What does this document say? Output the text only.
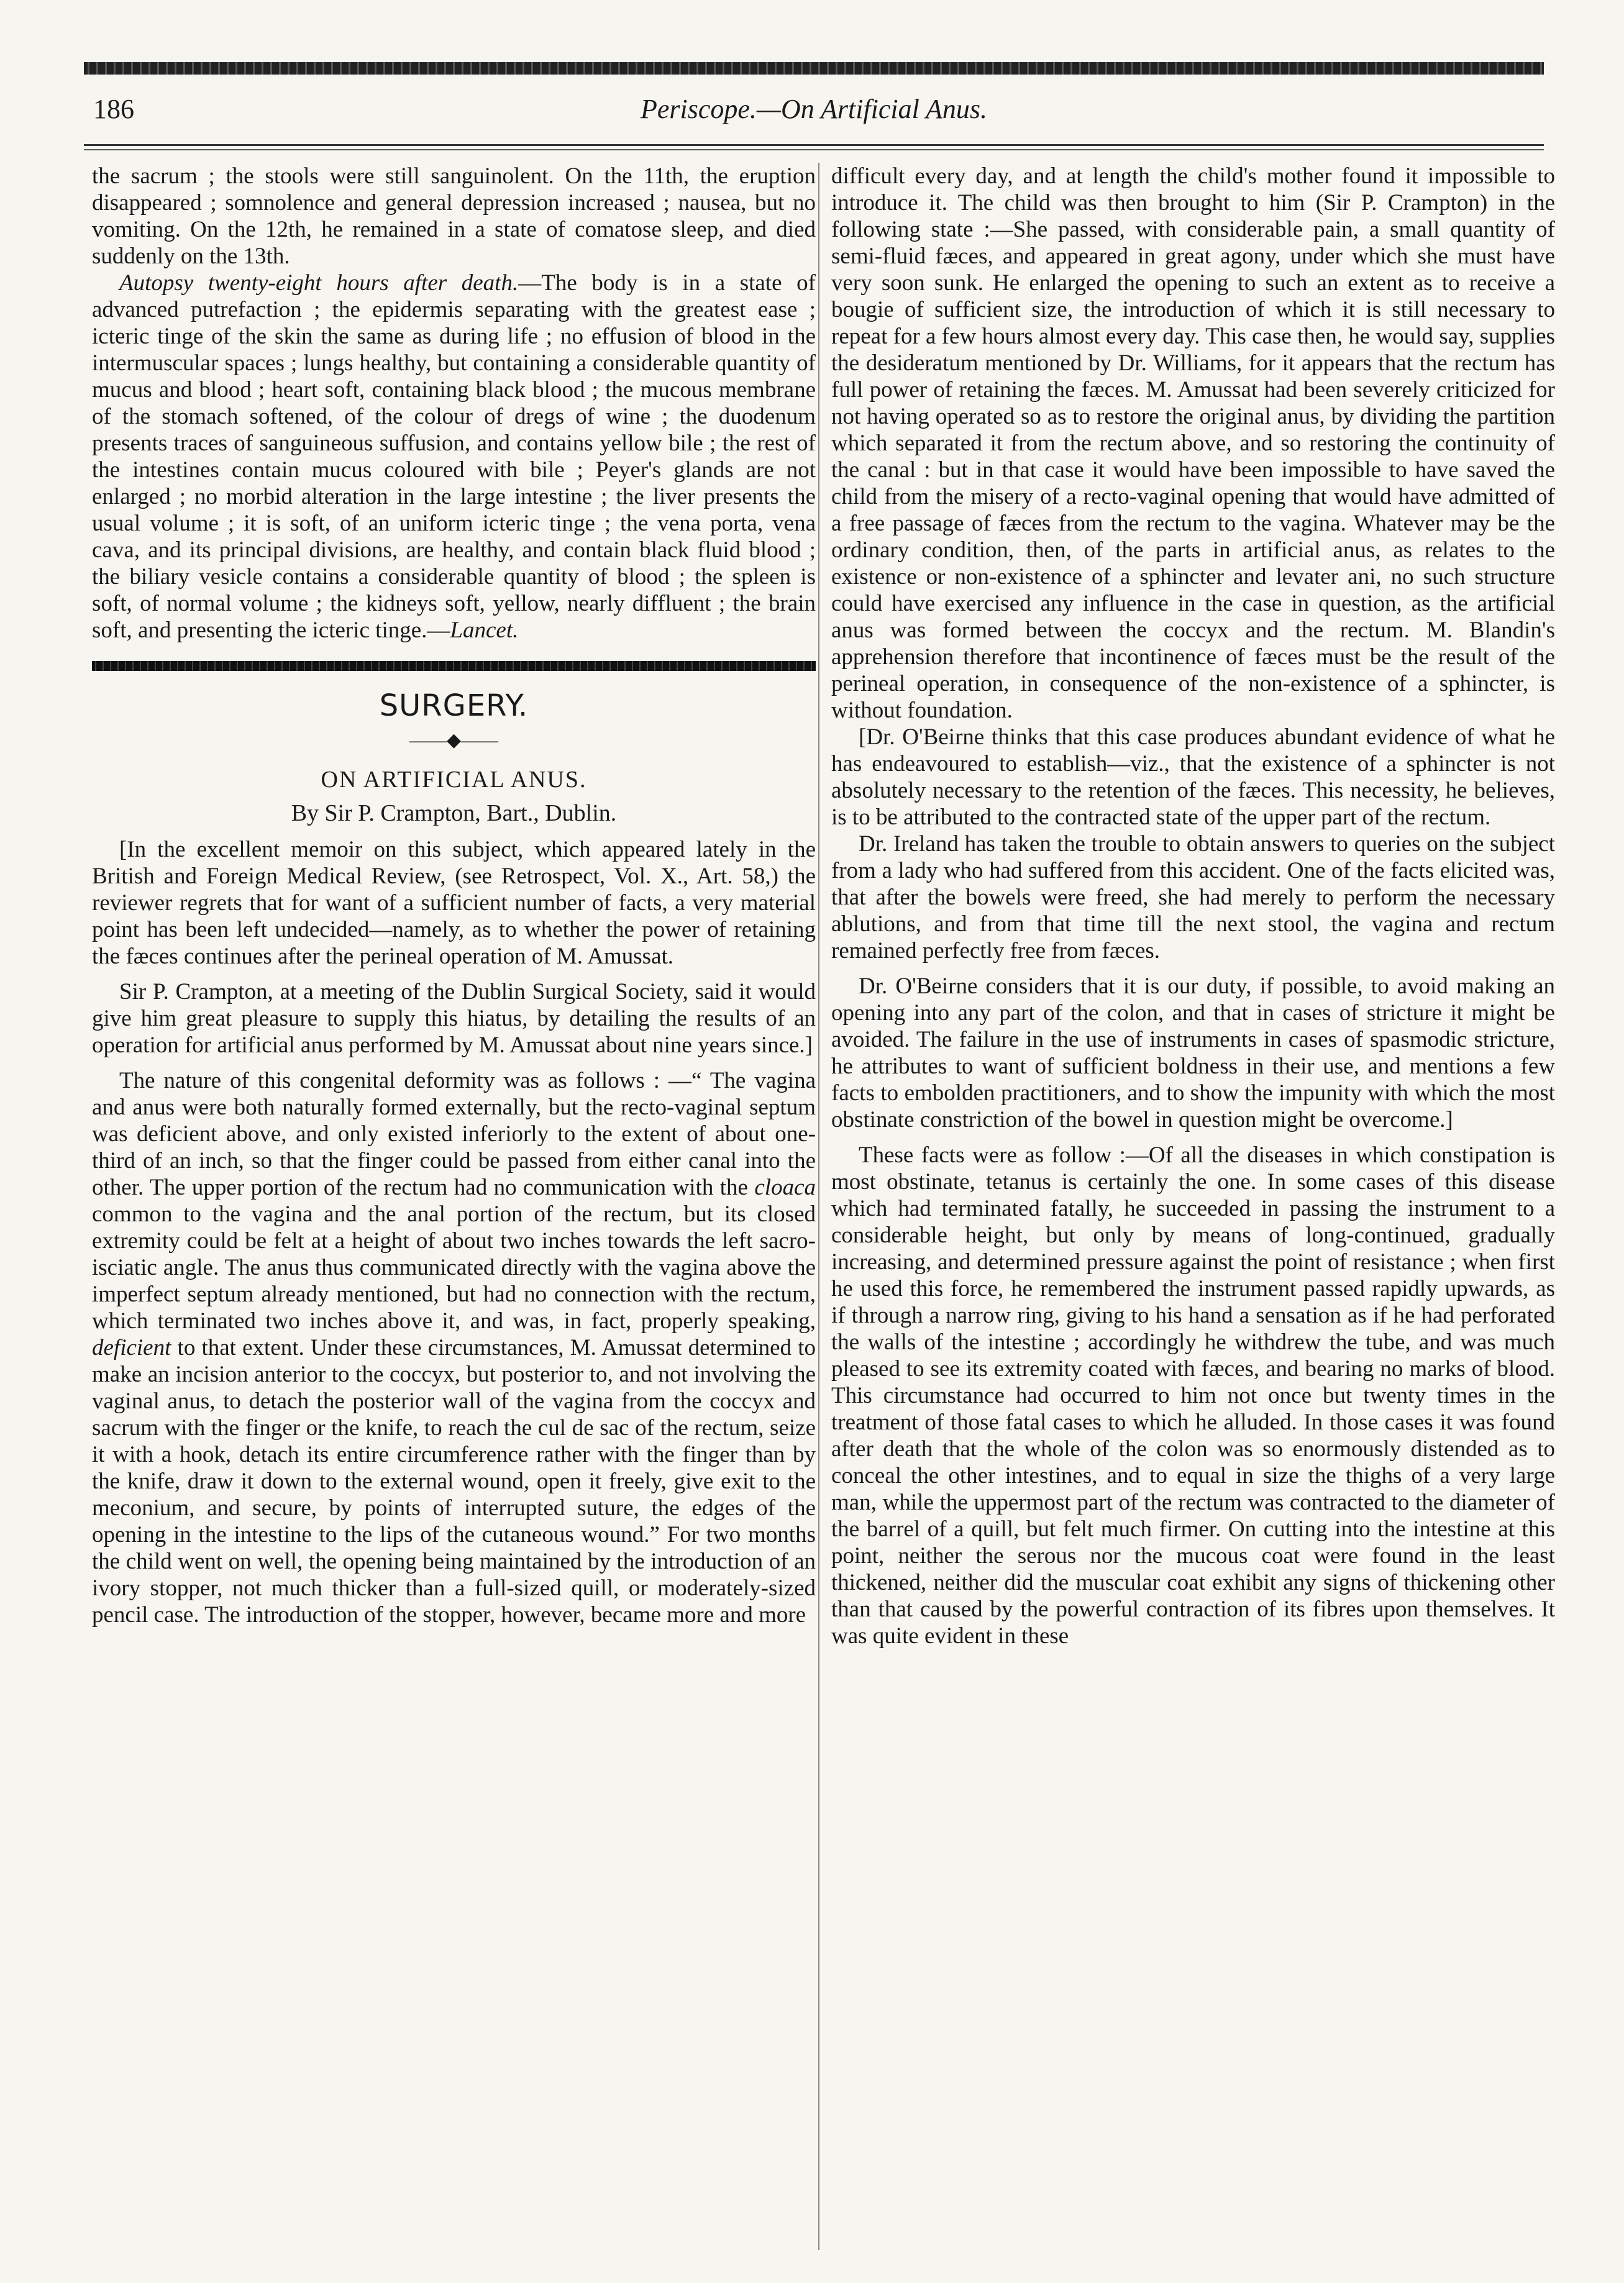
186	Periscope.—On Artificial Anus.

the sacrum ; the stools were still sanguinolent. On the 11th, the eruption disappeared ; somnolence and general depression increased ; nausea, but no vomiting. On the 12th, he remained in a state of comatose sleep, and died suddenly on the 13th.

Autopsy twenty-eight hours after death.—The body is in a state of advanced putrefaction ; the epidermis separating with the greatest ease ; icteric tinge of the skin the same as during life ; no effusion of blood in the intermuscular spaces ; lungs healthy, but containing a considerable quantity of mucus and blood ; heart soft, containing black blood ; the mucous membrane of the stomach softened, of the colour of dregs of wine ; the duodenum presents traces of sanguineous suffusion, and contains yellow bile ; the rest of the intestines contain mucus coloured with bile ; Peyer's glands are not enlarged ; no morbid alteration in the large intestine ; the liver presents the usual volume ; it is soft, of an uniform icteric tinge ; the vena porta, vena cava, and its principal divisions, are healthy, and contain black fluid blood ; the biliary vesicle contains a considerable quantity of blood ; the spleen is soft, of normal volume ; the kidneys soft, yellow, nearly diffluent ; the brain soft, and presenting the icteric tinge.—Lancet.

SURGERY.
——◆——
ON ARTIFICIAL ANUS.
By Sir P. Crampton, Bart., Dublin.

[In the excellent memoir on this subject, which appeared lately in the British and Foreign Medical Review, (see Retrospect, Vol. X., Art. 58,) the reviewer regrets that for want of a sufficient number of facts, a very material point has been left undecided—namely, as to whether the power of retaining the fæces continues after the perineal operation of M. Amussat.

Sir P. Crampton, at a meeting of the Dublin Surgical Society, said it would give him great pleasure to supply this hiatus, by detailing the results of an operation for artificial anus performed by M. Amussat about nine years since.]

The nature of this congenital deformity was as follows : —“ The vagina and anus were both naturally formed externally, but the recto-vaginal septum was deficient above, and only existed inferiorly to the extent of about one-third of an inch, so that the finger could be passed from either canal into the other. The upper portion of the rectum had no communication with the cloaca common to the vagina and the anal portion of the rectum, but its closed extremity could be felt at a height of about two inches towards the left sacro-isciatic angle. The anus thus communicated directly with the vagina above the imperfect septum already mentioned, but had no connection with the rectum, which terminated two inches above it, and was, in fact, properly speaking, deficient to that extent. Under these circumstances, M. Amussat determined to make an incision anterior to the coccyx, but posterior to, and not involving the vaginal anus, to detach the posterior wall of the vagina from the coccyx and sacrum with the finger or the knife, to reach the cul de sac of the rectum, seize it with a hook, detach its entire circumference rather with the finger than by the knife, draw it down to the external wound, open it freely, give exit to the meconium, and secure, by points of interrupted suture, the edges of the opening in the intestine to the lips of the cutaneous wound.” For two months the child went on well, the opening being maintained by the introduction of an ivory stopper, not much thicker than a full-sized quill, or moderately-sized pencil case. The introduction of the stopper, however, became more and more

difficult every day, and at length the child's mother found it impossible to introduce it. The child was then brought to him (Sir P. Crampton) in the following state :—She passed, with considerable pain, a small quantity of semi-fluid fæces, and appeared in great agony, under which she must have very soon sunk. He enlarged the opening to such an extent as to receive a bougie of sufficient size, the introduction of which it is still necessary to repeat for a few hours almost every day. This case then, he would say, supplies the desideratum mentioned by Dr. Williams, for it appears that the rectum has full power of retaining the fæces. M. Amussat had been severely criticized for not having operated so as to restore the original anus, by dividing the partition which separated it from the rectum above, and so restoring the continuity of the canal : but in that case it would have been impossible to have saved the child from the misery of a recto-vaginal opening that would have admitted of a free passage of fæces from the rectum to the vagina. Whatever may be the ordinary condition, then, of the parts in artificial anus, as relates to the existence or non-existence of a sphincter and levater ani, no such structure could have exercised any influence in the case in question, as the artificial anus was formed between the coccyx and the rectum. M. Blandin's apprehension therefore that incontinence of fæces must be the result of the perineal operation, in consequence of the non-existence of a sphincter, is without foundation.

[Dr. O'Beirne thinks that this case produces abundant evidence of what he has endeavoured to establish—viz., that the existence of a sphincter is not absolutely necessary to the retention of the fæces. This necessity, he believes, is to be attributed to the contracted state of the upper part of the rectum.

Dr. Ireland has taken the trouble to obtain answers to queries on the subject from a lady who had suffered from this accident. One of the facts elicited was, that after the bowels were freed, she had merely to perform the necessary ablutions, and from that time till the next stool, the vagina and rectum remained perfectly free from fæces.

Dr. O'Beirne considers that it is our duty, if possible, to avoid making an opening into any part of the colon, and that in cases of stricture it might be avoided. The failure in the use of instruments in cases of spasmodic stricture, he attributes to want of sufficient boldness in their use, and mentions a few facts to embolden practitioners, and to show the impunity with which the most obstinate constriction of the bowel in question might be overcome.]

These facts were as follow :—Of all the diseases in which constipation is most obstinate, tetanus is certainly the one. In some cases of this disease which had terminated fatally, he succeeded in passing the instrument to a considerable height, but only by means of long-continued, gradually increasing, and determined pressure against the point of resistance ; when first he used this force, he remembered the instrument passed rapidly upwards, as if through a narrow ring, giving to his hand a sensation as if he had perforated the walls of the intestine ; accordingly he withdrew the tube, and was much pleased to see its extremity coated with fæces, and bearing no marks of blood. This circumstance had occurred to him not once but twenty times in the treatment of those fatal cases to which he alluded. In those cases it was found after death that the whole of the colon was so enormously distended as to conceal the other intestines, and to equal in size the thighs of a very large man, while the uppermost part of the rectum was contracted to the diameter of the barrel of a quill, but felt much firmer. On cutting into the intestine at this point, neither the serous nor the mucous coat were found in the least thickened, neither did the muscular coat exhibit any signs of thickening other than that caused by the powerful contraction of its fibres upon themselves. It was quite evident in these
